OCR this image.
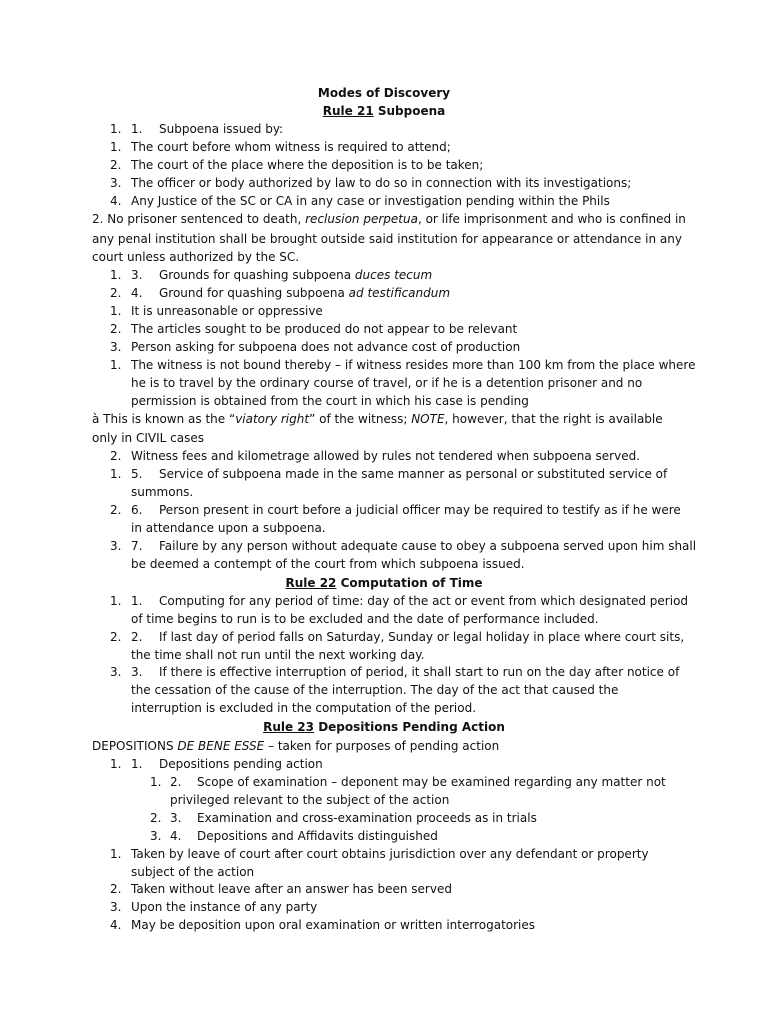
Modes of Discovery
Rule 21 Subpoena
1. 1. Subpoena issued by:
1. The court before whom witness is required to attend;
2. The court of the place where the deposition is to be taken;
3. The officer or body authorized by law to do so in connection with its investigations;
4. Any Justice of the SC or CA in any case or investigation pending within the Phils
2. No prisoner sentenced to death, reclusion perpetua, or life imprisonment and who is confined in
any penal institution shall be brought outside said institution for appearance or attendance in any
court unless authorized by the SC.
1. 3. Grounds for quashing subpoena duces tecum
2. 4. Ground for quashing subpoena ad testificandum
1. It is unreasonable or oppressive
2. The articles sought to be produced do not appear to be relevant
3. Person asking for subpoena does not advance cost of production
1. The witness is not bound thereby – if witness resides more than 100 km from the place where
he is to travel by the ordinary course of travel, or if he is a detention prisoner and no
permission is obtained from the court in which his case is pending
à This is known as the “viatory right” of the witness; NOTE, however, that the right is available
only in CIVIL cases
2. Witness fees and kilometrage allowed by rules not tendered when subpoena served.
1. 5. Service of subpoena made in the same manner as personal or substituted service of
summons.
2. 6. Person present in court before a judicial officer may be required to testify as if he were
in attendance upon a subpoena.
3. 7. Failure by any person without adequate cause to obey a subpoena served upon him shall
be deemed a contempt of the court from which subpoena issued.
Rule 22 Computation of Time
1. 1. Computing for any period of time: day of the act or event from which designated period
of time begins to run is to be excluded and the date of performance included.
2. 2. If last day of period falls on Saturday, Sunday or legal holiday in place where court sits,
the time shall not run until the next working day.
3. 3. If there is effective interruption of period, it shall start to run on the day after notice of
the cessation of the cause of the interruption. The day of the act that caused the
interruption is excluded in the computation of the period.
Rule 23 Depositions Pending Action
DEPOSITIONS DE BENE ESSE – taken for purposes of pending action
1. 1. Depositions pending action
1. 2. Scope of examination – deponent may be examined regarding any matter not
privileged relevant to the subject of the action
2. 3. Examination and cross-examination proceeds as in trials
3. 4. Depositions and Affidavits distinguished
1. Taken by leave of court after court obtains jurisdiction over any defendant or property
subject of the action
2. Taken without leave after an answer has been served
3. Upon the instance of any party
4. May be deposition upon oral examination or written interrogatories
